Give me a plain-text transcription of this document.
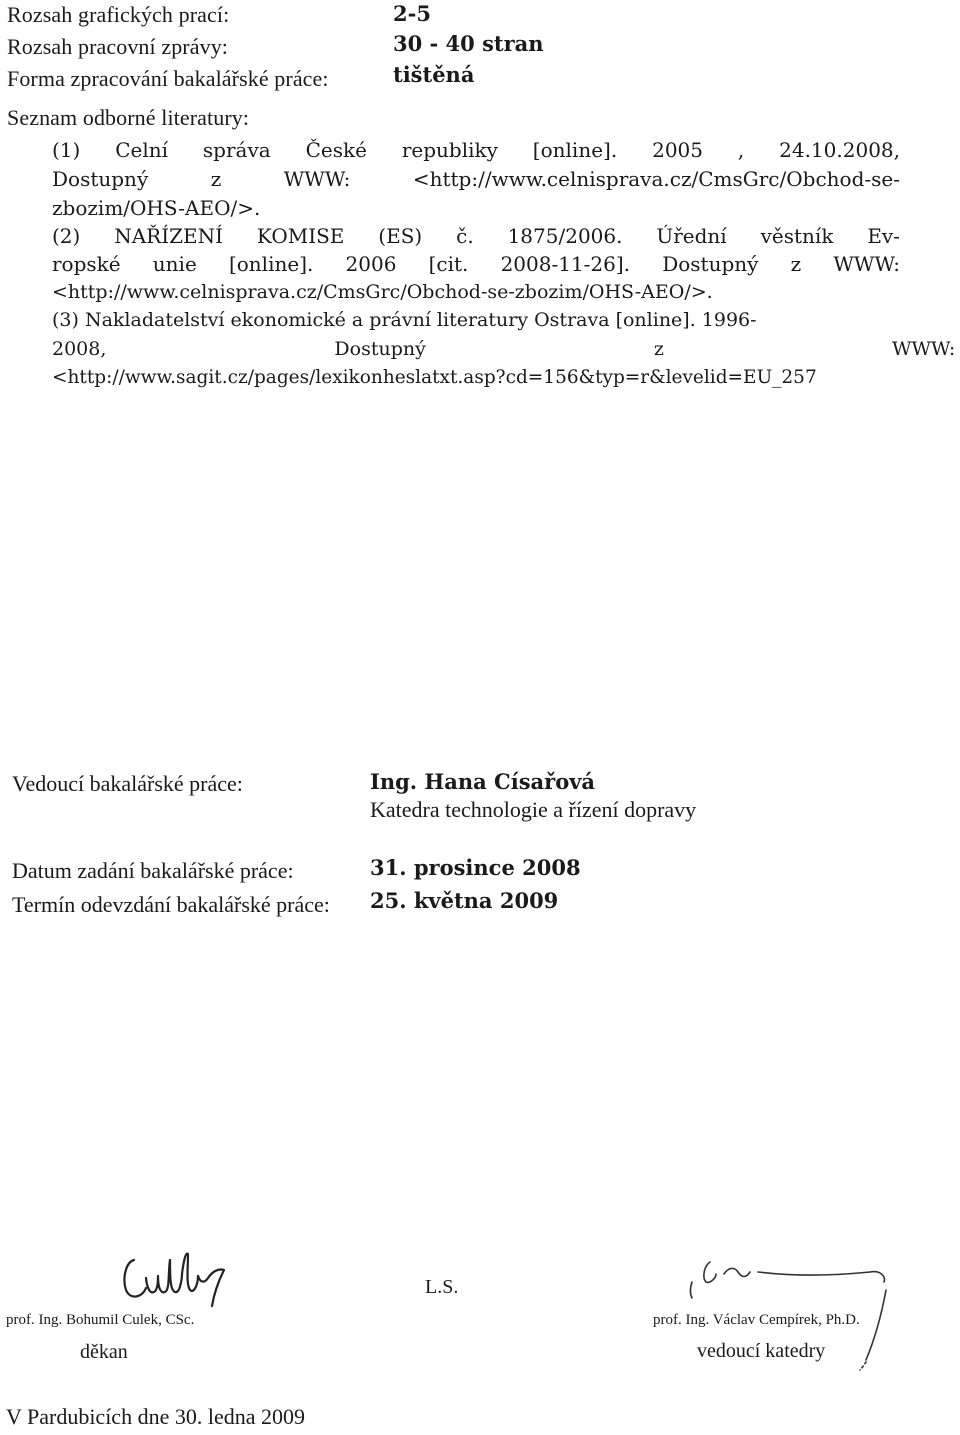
Rozsah grafických prací:	2-5
Rozsah pracovní zprávy:	30 - 40 stran
Forma zpracování bakalářské práce:	tištěná
Seznam odborné literatury:
(1) Celní správa České republiky [online]. 2005 , 24.10.2008,
Dostupný z WWW: <http://www.celnisprava.cz/CmsGrc/Obchod-se-
zbozim/OHS-AEO/>.
(2) NAŘÍZENÍ KOMISE (ES) č. 1875/2006. Úřední věstník Ev-
ropské unie [online]. 2006 [cit. 2008-11-26]. Dostupný z WWW:
<http://www.celnisprava.cz/CmsGrc/Obchod-se-zbozim/OHS-AEO/>.
(3) Nakladatelství ekonomické a právní literatury Ostrava [online]. 1996-
2008, Dostupný z WWW:
<http://www.sagit.cz/pages/lexikonheslatxt.asp?cd=156&typ=r&levelid=EU_257
Vedoucí bakalářské práce:	Ing. Hana Císařová
Katedra technologie a řízení dopravy
Datum zadání bakalářské práce:	31. prosince 2008
Termín odevzdání bakalářské práce: 25. května 2009
prof. Ing. Bohumil Culek, CSc.
děkan
L.S.
prof. Ing. Václav Cempírek, Ph.D.
vedoucí katedry
V Pardubicích dne 30. ledna 2009
